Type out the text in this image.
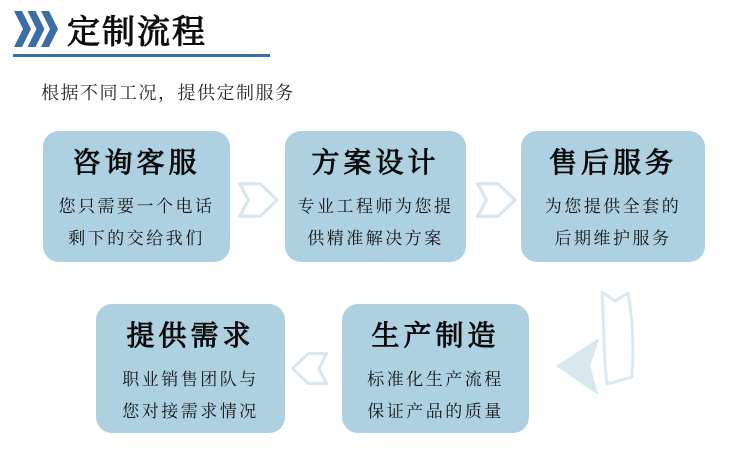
定制流程
根据不同工况，提供定制服务
咨询客服
您只需要一个电话
剩下的交给我们
方案设计
专业工程师为您提
供精准解决方案
售后服务
为您提供全套的
后期维护服务
提供需求
职业销售团队与
您对接需求情况
生产制造
标准化生产流程
保证产品的质量
